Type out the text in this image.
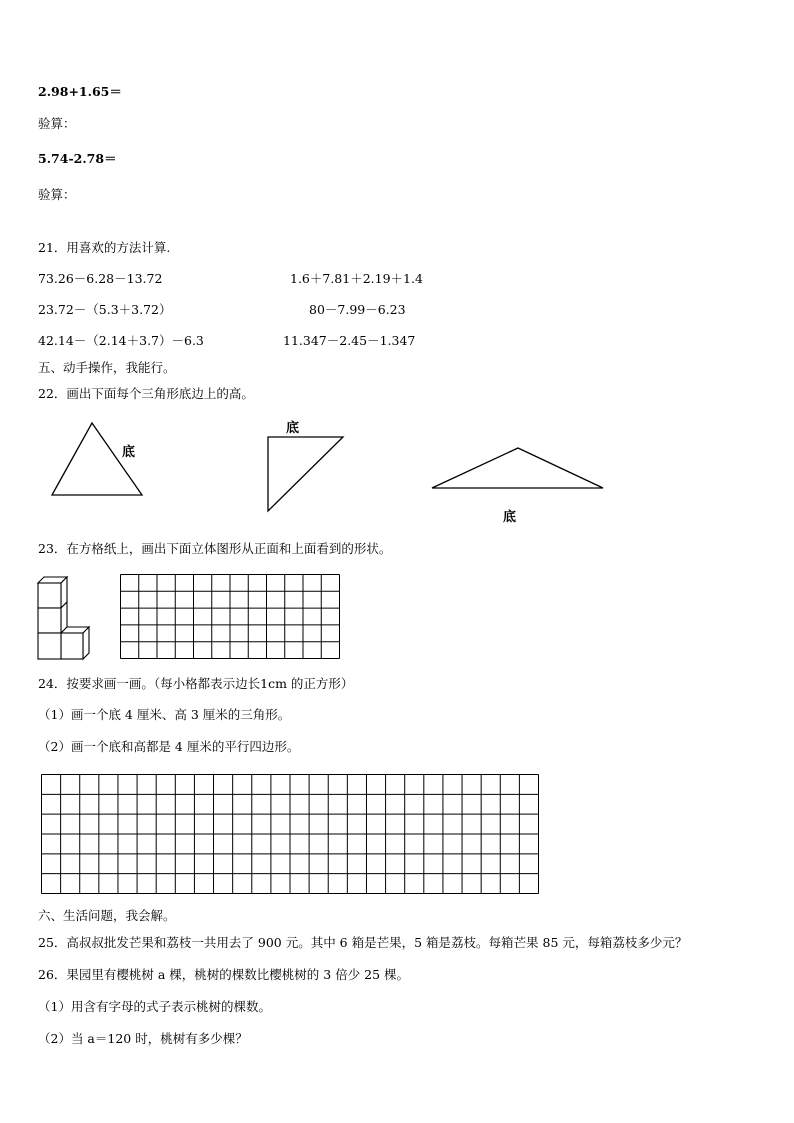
2.98+1.65＝
验算：
5.74-2.78＝
验算：
21．用喜欢的方法计算.
73.26－6.28－13.72	1.6＋7.81＋2.19＋1.4
23.72－（5.3＋3.72）	80－7.99－6.23
42.14－（2.14＋3.7）－6.3	11.347－2.45－1.347
五、动手操作，我能行。
22．画出下面每个三角形底边上的高。
底
底
底
23．在方格纸上，画出下面立体图形从正面和上面看到的形状。
24．按要求画一画。（每小格都表示边长1cm 的正方形）
（1）画一个底 4 厘米、高 3 厘米的三角形。
（2）画一个底和高都是 4 厘米的平行四边形。
六、生活问题，我会解。
25．高叔叔批发芒果和荔枝一共用去了 900 元。其中 6 箱是芒果，5 箱是荔枝。每箱芒果 85 元，每箱荔枝多少元？
26．果园里有樱桃树 a 棵，桃树的棵数比樱桃树的 3 倍少 25 棵。
（1）用含有字母的式子表示桃树的棵数。
（2）当 a＝120 时，桃树有多少棵？
